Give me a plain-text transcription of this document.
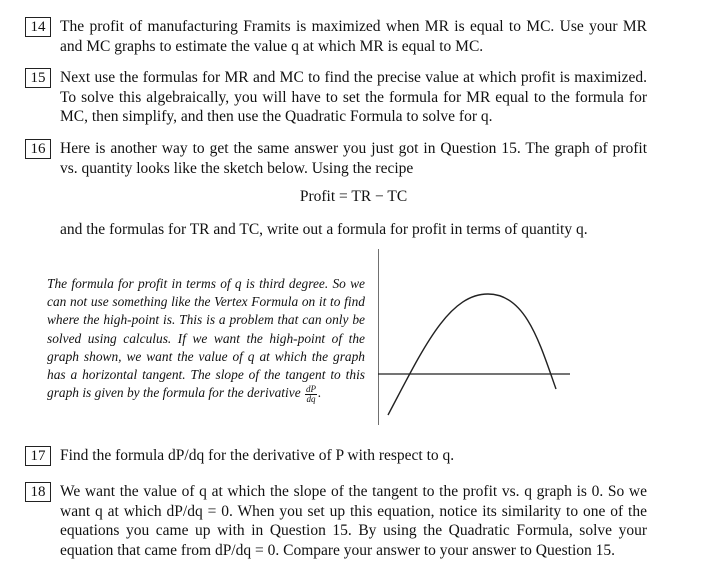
14 The profit of manufacturing Framits is maximized when MR is equal to MC. Use your MR and MC graphs to estimate the value q at which MR is equal to MC.
15 Next use the formulas for MR and MC to find the precise value at which profit is maximized. To solve this algebraically, you will have to set the formula for MR equal to the formula for MC, then simplify, and then use the Quadratic Formula to solve for q.
16 Here is another way to get the same answer you just got in Question 15. The graph of profit vs. quantity looks like the sketch below. Using the recipe
Profit = TR − TC
and the formulas for TR and TC, write out a formula for profit in terms of quantity q.
The formula for profit in terms of q is third degree. So we can not use something like the Vertex Formula on it to find where the high-point is. This is a problem that can only be solved using calculus. If we want the high-point of the graph shown, we want the value of q at which the graph has a horizontal tangent. The slope of the tangent to this graph is given by the formula for the derivative $\frac{dP}{dq}$ .
17 Find the formula dP/dq for the derivative of P with respect to q.
18 We want the value of q at which the slope of the tangent to the profit vs. q graph is 0. So we want q at which dP/dq = 0. When you set up this equation, notice its similarity to one of the equations you came up with in Question 15. By using the Quadratic Formula, solve your equation that came from dP/dq = 0. Compare your answer to your answer to Question 15.
